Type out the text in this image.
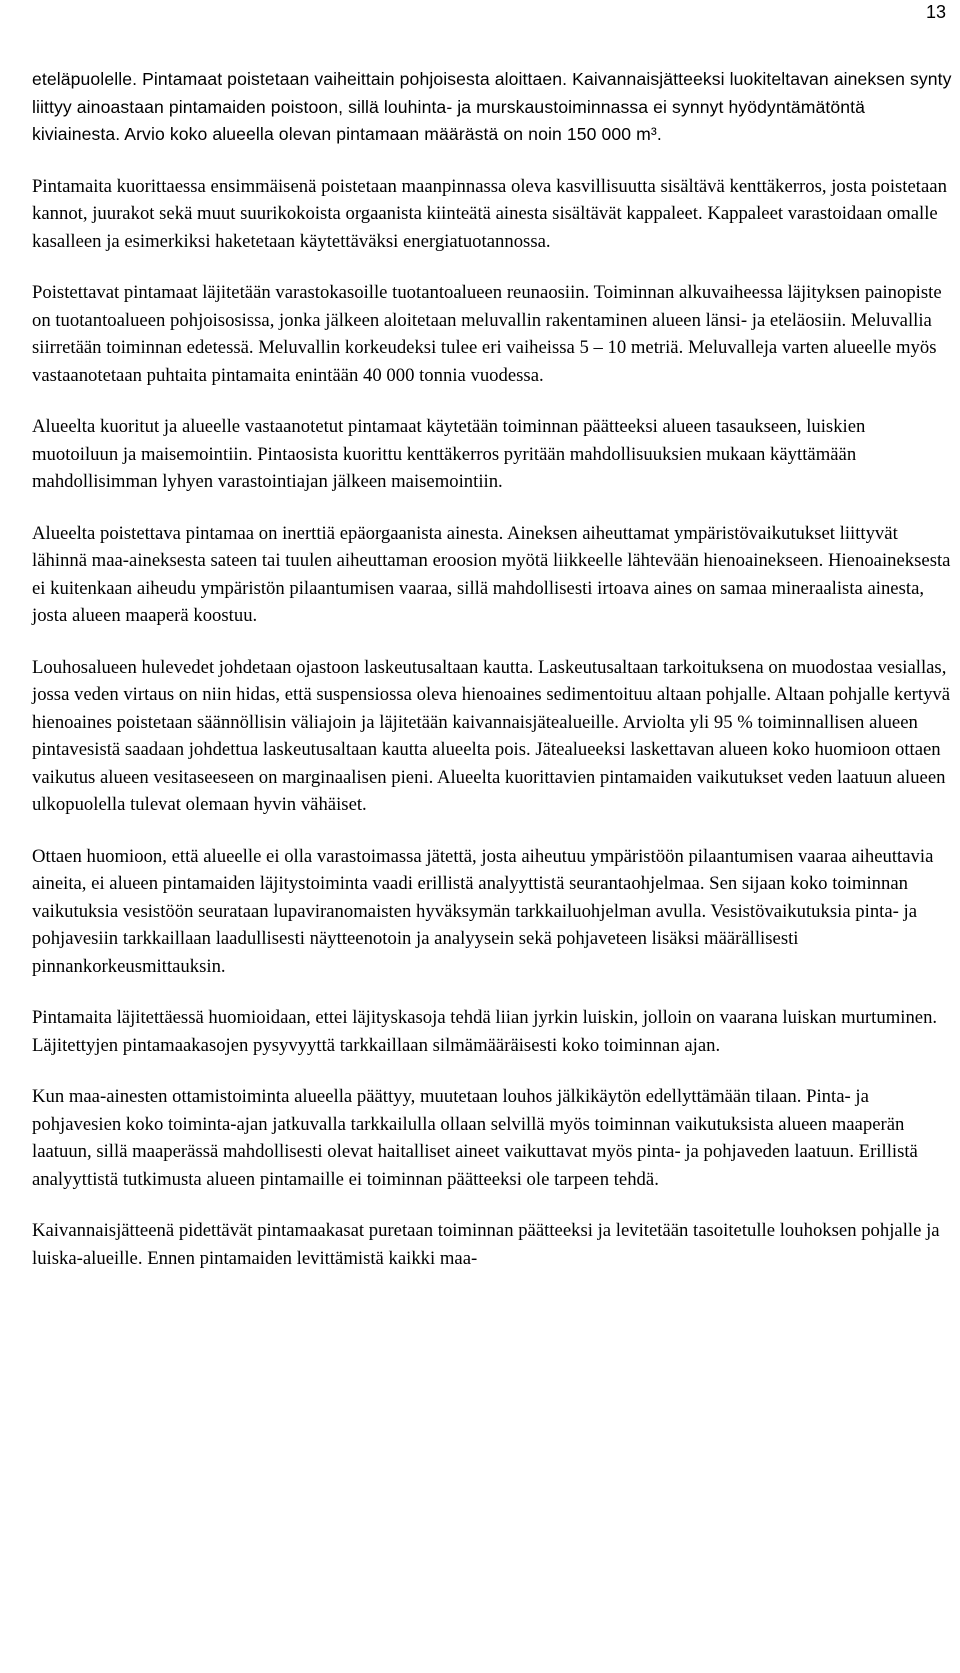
13

eteläpuolelle. Pintamaat poistetaan vaiheittain pohjoisesta aloittaen. Kaivannaisjätteeksi luokiteltavan aineksen synty liittyy ainoastaan pintamaiden poistoon, sillä louhinta- ja murskaustoiminnassa ei synnyt hyödyntämätöntä kiviainesta. Arvio koko alueella olevan pintamaan määrästä on noin 150 000 m³.

Pintamaita kuorittaessa ensimmäisenä poistetaan maanpinnassa oleva kasvillisuutta sisältävä kenttäkerros, josta poistetaan kannot, juurakot sekä muut suurikokoista orgaanista kiinteätä ainesta sisältävät kappaleet. Kappaleet varastoidaan omalle kasalleen ja esimerkiksi haketetaan käytettäväksi energiatuotannossa.

Poistettavat pintamaat läjitetään varastokasoille tuotantoalueen reunaosiin. Toiminnan alkuvaiheessa läjityksen painopiste on tuotantoalueen pohjoisosissa, jonka jälkeen aloitetaan meluvallin rakentaminen alueen länsi- ja eteläosiin. Meluvallia siirretään toiminnan edetessä. Meluvallin korkeudeksi tulee eri vaiheissa 5 – 10 metriä. Meluvalleja varten alueelle myös vastaanotetaan puhtaita pintamaita enintään 40 000 tonnia vuodessa.

Alueelta kuoritut ja alueelle vastaanotetut pintamaat käytetään toiminnan päätteeksi alueen tasaukseen, luiskien muotoiluun ja maisemointiin. Pintaosista kuorittu kenttäkerros pyritään mahdollisuuksien mukaan käyttämään mahdollisimman lyhyen varastointiajan jälkeen maisemointiin.

Alueelta poistettava pintamaa on inerttiä epäorgaanista ainesta. Aineksen aiheuttamat ympäristövaikutukset liittyvät lähinnä maa-aineksesta sateen tai tuulen aiheuttaman eroosion myötä liikkeelle lähtevään hienoainekseen. Hienoaineksesta ei kuitenkaan aiheudu ympäristön pilaantumisen vaaraa, sillä mahdollisesti irtoava aines on samaa mineraalista ainesta, josta alueen maaperä koostuu.

Louhosalueen hulevedet johdetaan ojastoon laskeutusaltaan kautta. Laskeutusaltaan tarkoituksena on muodostaa vesiallas, jossa veden virtaus on niin hidas, että suspensiossa oleva hienoaines sedimentoituu altaan pohjalle. Altaan pohjalle kertyvä hienoaines poistetaan säännöllisin väliajoin ja läjitetään kaivannaisjätealueille. Arviolta yli 95 % toiminnallisen alueen pintavesistä saadaan johdettua laskeutusaltaan kautta alueelta pois. Jätealueeksi laskettavan alueen koko huomioon ottaen vaikutus alueen vesitaseeseen on marginaalisen pieni. Alueelta kuorittavien pintamaiden vaikutukset veden laatuun alueen ulkopuolella tulevat olemaan hyvin vähäiset.

Ottaen huomioon, että alueelle ei olla varastoimassa jätettä, josta aiheutuu ympäristöön pilaantumisen vaaraa aiheuttavia aineita, ei alueen pintamaiden läjitystoiminta vaadi erillistä analyyttistä seurantaohjelmaa. Sen sijaan koko toiminnan vaikutuksia vesistöön seurataan lupaviranomaisten hyväksymän tarkkailuohjelman avulla. Vesistövaikutuksia pinta- ja pohjavesiin tarkkaillaan laadullisesti näytteenotoin ja analyysein sekä pohjaveteen lisäksi määrällisesti pinnankorkeusmittauksin.

Pintamaita läjitettäessä huomioidaan, ettei läjityskasoja tehdä liian jyrkin luiskin, jolloin on vaarana luiskan murtuminen. Läjitettyjen pintamaakasojen pysyvyyttä tarkkaillaan silmämääräisesti koko toiminnan ajan.

Kun maa-ainesten ottamistoiminta alueella päättyy, muutetaan louhos jälkikäytön edellyttämään tilaan. Pinta- ja pohjavesien koko toiminta-ajan jatkuvalla tarkkailulla ollaan selvillä myös toiminnan vaikutuksista alueen maaperän laatuun, sillä maaperässä mahdollisesti olevat haitalliset aineet vaikuttavat myös pinta- ja pohjaveden laatuun. Erillistä analyyttistä tutkimusta alueen pintamaille ei toiminnan päätteeksi ole tarpeen tehdä.

Kaivannaisjätteenä pidettävät pintamaakasat puretaan toiminnan päätteeksi ja levitetään tasoitetulle louhoksen pohjalle ja luiska-alueille. Ennen pintamaiden levittämistä kaikki maa-
